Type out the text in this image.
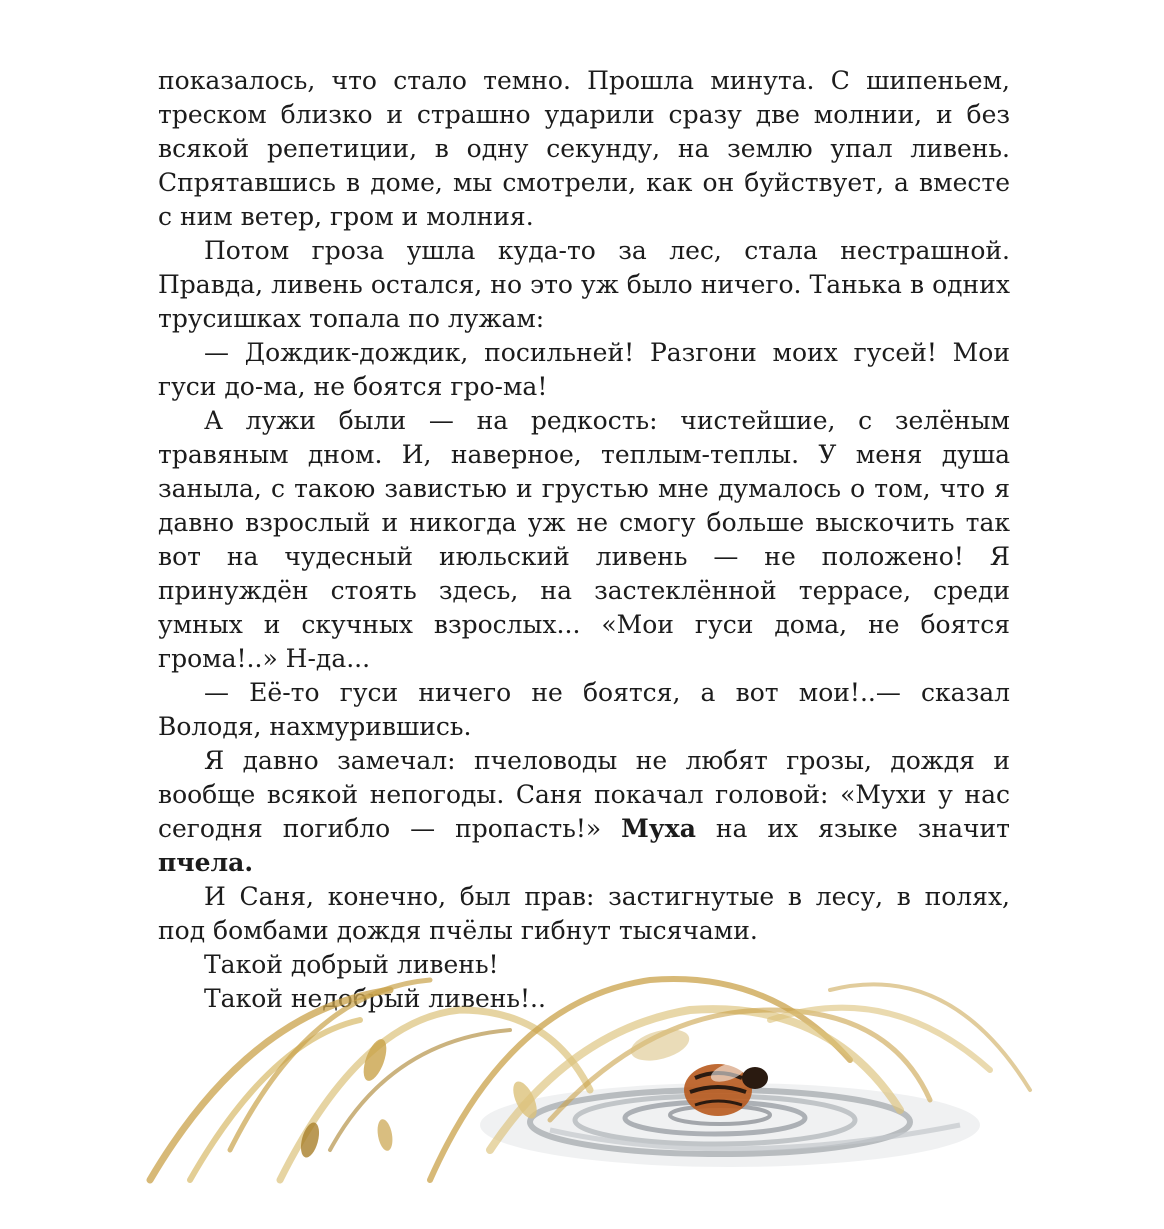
показалось, что стало темно. Прошла минута. С шипеньем, треском близко и страшно ударили сразу две молнии, и без всякой репетиции, в одну секунду, на землю упал ливень. Спрятавшись в доме, мы смотрели, как он буйствует, а вместе с ним ветер, гром и молния.

Потом гроза ушла куда-то за лес, стала нестрашной. Правда, ливень остался, но это уж было ничего. Танька в одних трусишках топала по лужам:

— Дождик-дождик, посильней! Разгони моих гусей! Мои гуси до-ма, не боятся гро-ма!

А лужи были — на редкость: чистейшие, с зелёным травяным дном. И, наверное, теплым-теплы. У меня душа заныла, с такою завистью и грустью мне думалось о том, что я давно взрослый и никогда уж не смогу больше выскочить так вот на чудесный июльский ливень — не положено! Я принуждён стоять здесь, на застеклённой террасе, среди умных и скучных взрослых... «Мои гуси дома, не боятся грома!..» Н-да...

— Её-то гуси ничего не боятся, а вот мои!..— сказал Володя, нахмурившись.

Я давно замечал: пчеловоды не любят грозы, дождя и вообще всякой непогоды. Саня покачал головой: «Мухи у нас сегодня погибло — пропасть!» Муха на их языке значит пчела.

И Саня, конечно, был прав: застигнутые в лесу, в полях, под бомбами дождя пчёлы гибнут тысячами.

Такой добрый ливень!

Такой недобрый ливень!..
